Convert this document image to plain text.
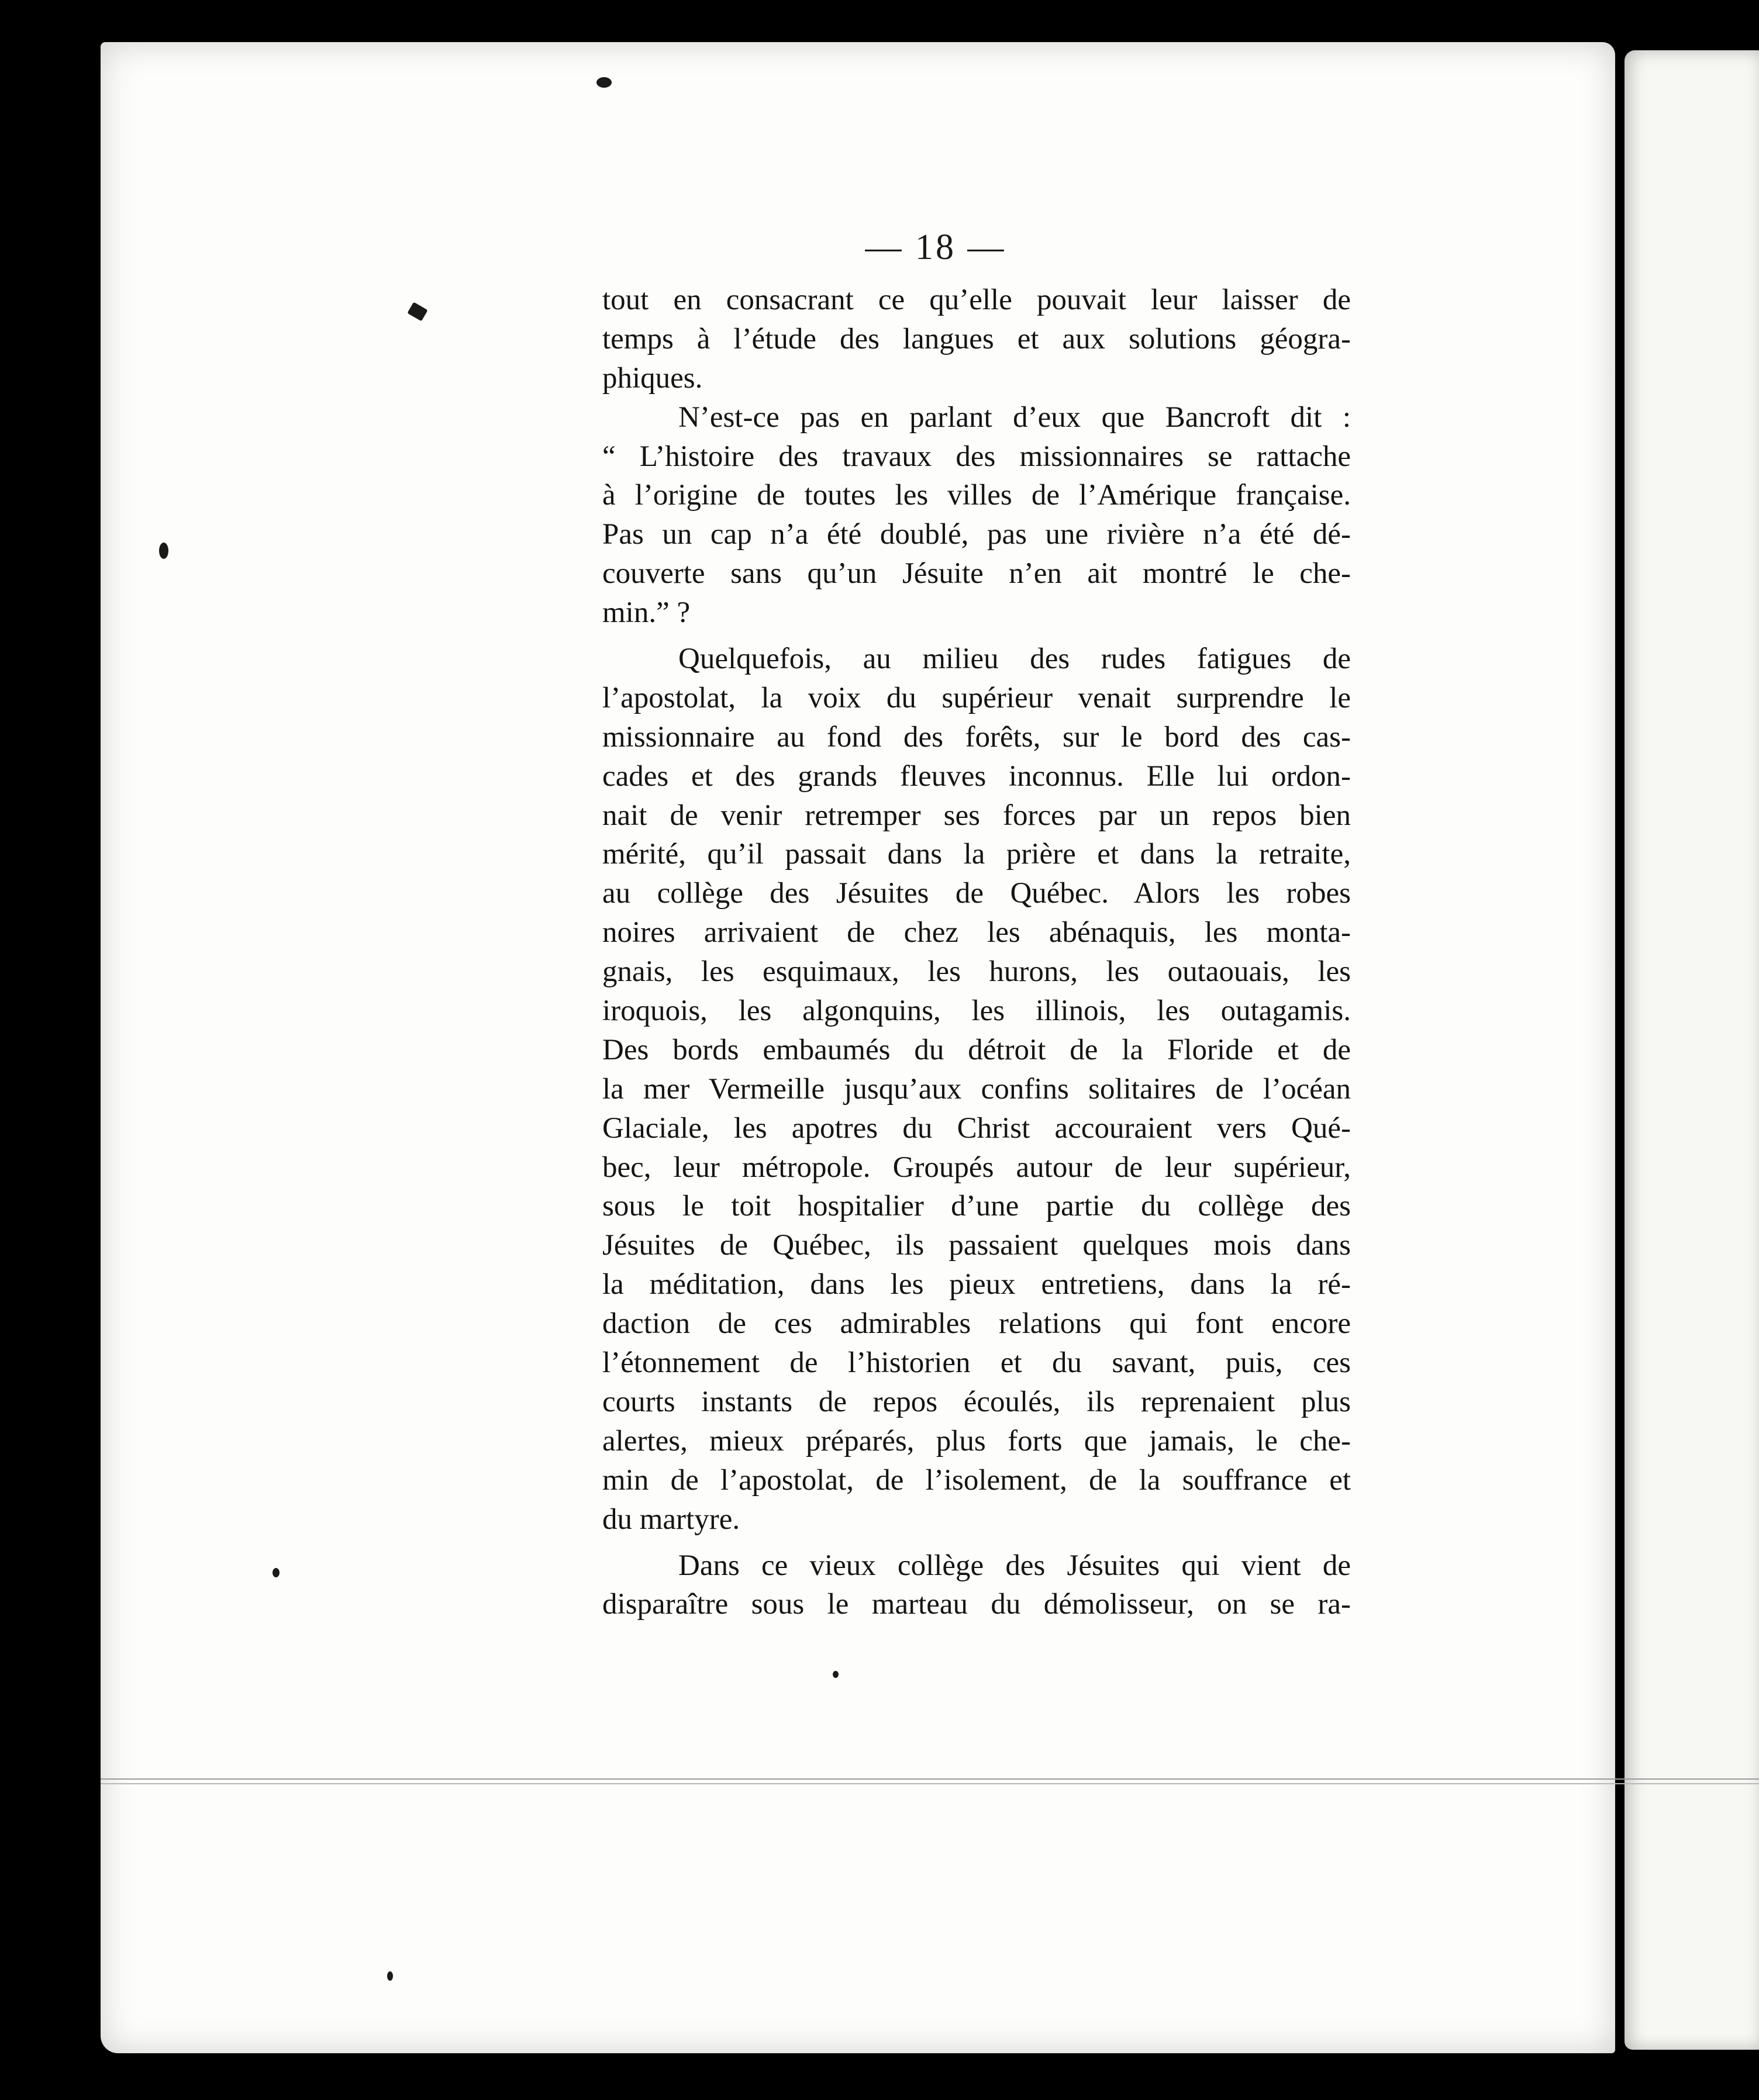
— 18 —
tout en consacrant ce qu’elle pouvait leur laisser de
temps à l’étude des langues et aux solutions géogra-
phiques.
N’est-ce pas en parlant d’eux que Bancroft dit :
“ L’histoire des travaux des missionnaires se rattache
à l’origine de toutes les villes de l’Amérique française.
Pas un cap n’a été doublé, pas une rivière n’a été dé-
couverte sans qu’un Jésuite n’en ait montré le che-
min.” ?
Quelquefois, au milieu des rudes fatigues de
l’apostolat, la voix du supérieur venait surprendre le
missionnaire au fond des forêts, sur le bord des cas-
cades et des grands fleuves inconnus. Elle lui ordon-
nait de venir retremper ses forces par un repos bien
mérité, qu’il passait dans la prière et dans la retraite,
au collège des Jésuites de Québec. Alors les robes
noires arrivaient de chez les abénaquis, les monta-
gnais, les esquimaux, les hurons, les outaouais, les
iroquois, les algonquins, les illinois, les outagamis.
Des bords embaumés du détroit de la Floride et de
la mer Vermeille jusqu’aux confins solitaires de l’océan
Glaciale, les apotres du Christ accouraient vers Qué-
bec, leur métropole. Groupés autour de leur supérieur,
sous le toit hospitalier d’une partie du collège des
Jésuites de Québec, ils passaient quelques mois dans
la méditation, dans les pieux entretiens, dans la ré-
daction de ces admirables relations qui font encore
l’étonnement de l’historien et du savant, puis, ces
courts instants de repos écoulés, ils reprenaient plus
alertes, mieux préparés, plus forts que jamais, le che-
min de l’apostolat, de l’isolement, de la souffrance et
du martyre.
Dans ce vieux collège des Jésuites qui vient de
disparaître sous le marteau du démolisseur, on se ra-
